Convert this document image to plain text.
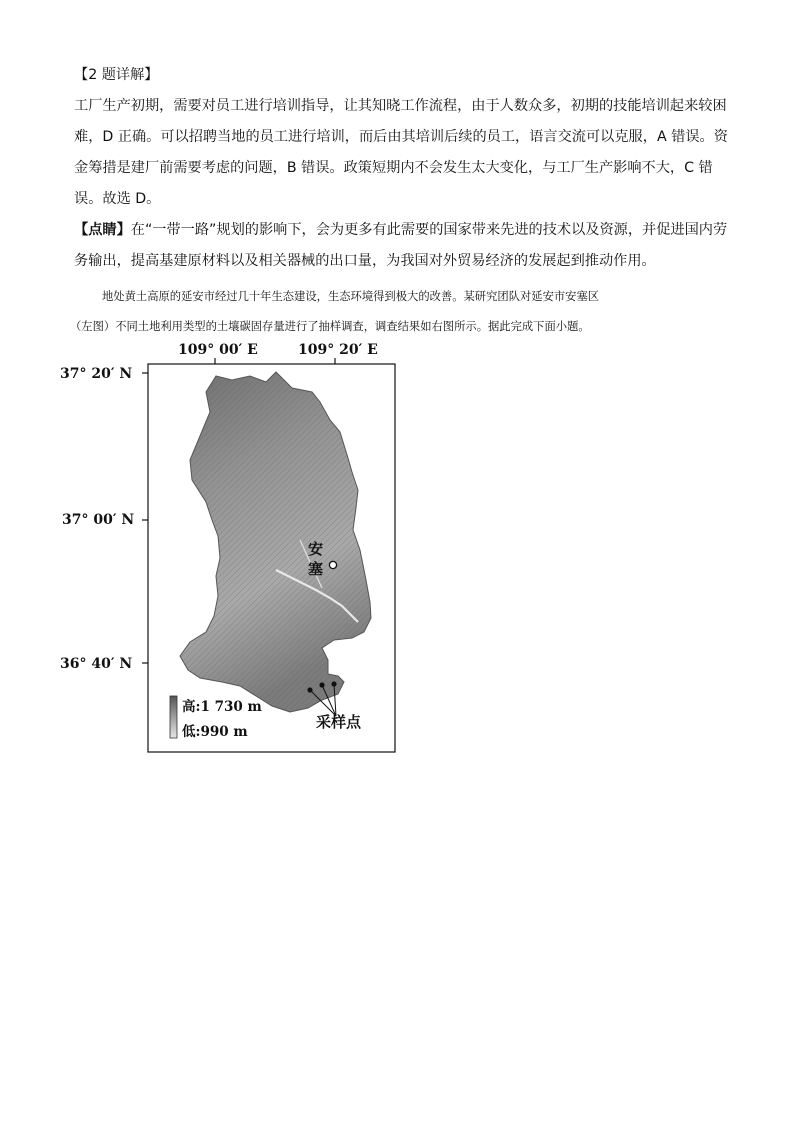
【2 题详解】
工厂生产初期，需要对员工进行培训指导，让其知晓工作流程，由于人数众多，初期的技能培训起来较困
难，D 正确。可以招聘当地的员工进行培训，而后由其培训后续的员工，语言交流可以克服，A 错误。资
金筹措是建厂前需要考虑的问题，B 错误。政策短期内不会发生太大变化，与工厂生产影响不大，C 错
误。故选 D。
【点睛】在“一带一路”规划的影响下，会为更多有此需要的国家带来先进的技术以及资源，并促进国内劳
务输出，提高基建原材料以及相关器械的出口量，为我国对外贸易经济的发展起到推动作用。
地处黄土高原的延安市经过几十年生态建设，生态环境得到极大的改善。某研究团队对延安市安塞区
（左图）不同土地利用类型的土壤碳固存量进行了抽样调查，调查结果如右图所示。据此完成下面小题。
109° 00′ E	109° 20′ E
37° 20′ N
37° 00′ N
36° 40′ N
安
塞
采样点
高:1 730 m
低:990 m
